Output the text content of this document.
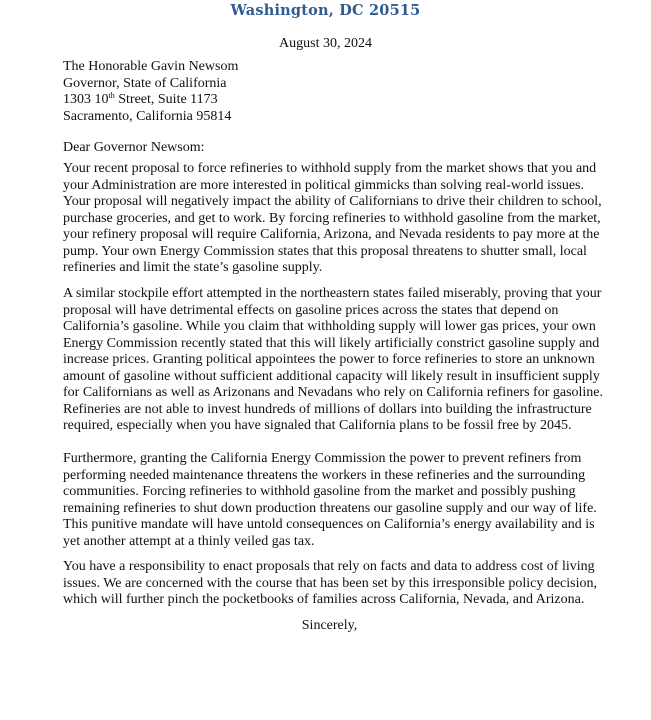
Washington, DC 20515
August 30, 2024
The Honorable Gavin Newsom
Governor, State of California
1303 10th Street, Suite 1173
Sacramento, California 95814
Dear Governor Newsom:
Your recent proposal to force refineries to withhold supply from the market shows that you and
your Administration are more interested in political gimmicks than solving real-world issues.
Your proposal will negatively impact the ability of Californians to drive their children to school,
purchase groceries, and get to work. By forcing refineries to withhold gasoline from the market,
your refinery proposal will require California, Arizona, and Nevada residents to pay more at the
pump. Your own Energy Commission states that this proposal threatens to shutter small, local
refineries and limit the state’s gasoline supply.
A similar stockpile effort attempted in the northeastern states failed miserably, proving that your
proposal will have detrimental effects on gasoline prices across the states that depend on
California’s gasoline. While you claim that withholding supply will lower gas prices, your own
Energy Commission recently stated that this will likely artificially constrict gasoline supply and
increase prices. Granting political appointees the power to force refineries to store an unknown
amount of gasoline without sufficient additional capacity will likely result in insufficient supply
for Californians as well as Arizonans and Nevadans who rely on California refiners for gasoline.
Refineries are not able to invest hundreds of millions of dollars into building the infrastructure
required, especially when you have signaled that California plans to be fossil free by 2045.
Furthermore, granting the California Energy Commission the power to prevent refiners from
performing needed maintenance threatens the workers in these refineries and the surrounding
communities. Forcing refineries to withhold gasoline from the market and possibly pushing
remaining refineries to shut down production threatens our gasoline supply and our way of life.
This punitive mandate will have untold consequences on California’s energy availability and is
yet another attempt at a thinly veiled gas tax.
You have a responsibility to enact proposals that rely on facts and data to address cost of living
issues. We are concerned with the course that has been set by this irresponsible policy decision,
which will further pinch the pocketbooks of families across California, Nevada, and Arizona.
Sincerely,
